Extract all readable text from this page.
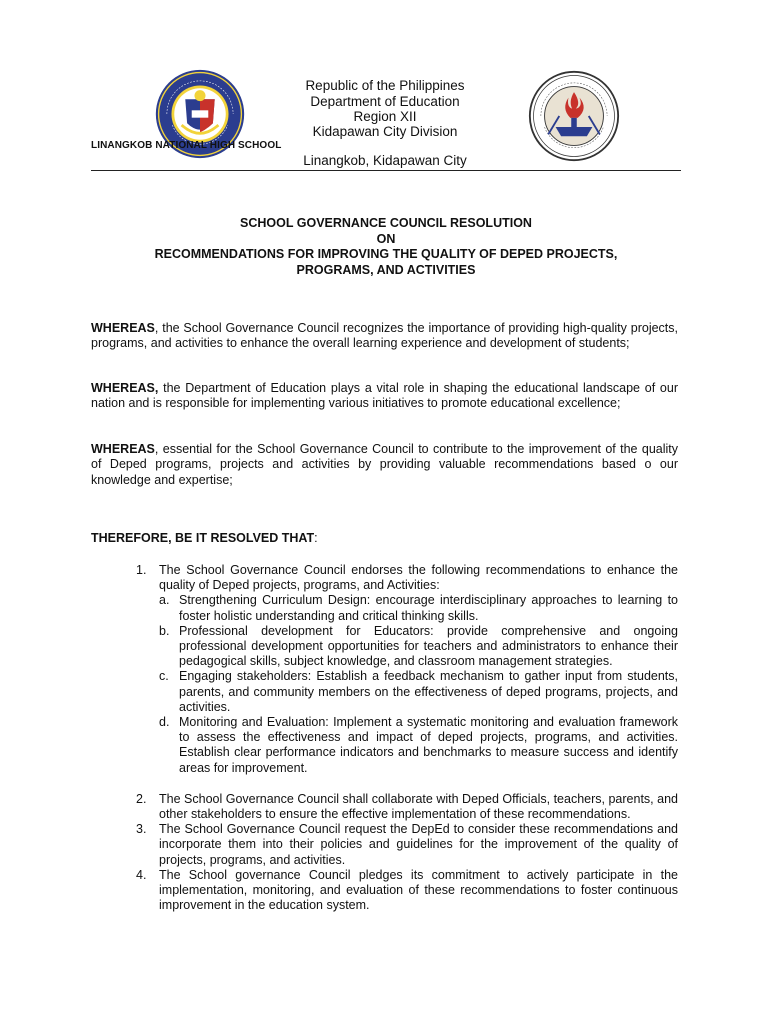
Republic of the Philippines
Department of Education
Region XII
Kidapawan City Division
LINANGKOB NATIONAL HIGH SCHOOL
Linangkob, Kidapawan City
SCHOOL GOVERNANCE COUNCIL RESOLUTION
ON
RECOMMENDATIONS FOR IMPROVING THE QUALITY OF DEPED PROJECTS,
PROGRAMS, AND ACTIVITIES
WHEREAS, the School Governance Council recognizes the importance of providing high-quality projects, programs, and activities to enhance the overall learning experience and development of students;
WHEREAS, the Department of Education plays a vital role in shaping the educational landscape of our nation and is responsible for implementing various initiatives to promote educational excellence;
WHEREAS, essential for the School Governance Council to contribute to the improvement of the quality of Deped programs, projects and activities by providing valuable recommendations based o our knowledge and expertise;
THEREFORE, BE IT RESOLVED THAT:
1. The School Governance Council endorses the following recommendations to enhance the quality of Deped projects, programs, and Activities:
a. Strengthening Curriculum Design: encourage interdisciplinary approaches to learning to foster holistic understanding and critical thinking skills.
b. Professional development for Educators: provide comprehensive and ongoing professional development opportunities for teachers and administrators to enhance their pedagogical skills, subject knowledge, and classroom management strategies.
c. Engaging stakeholders: Establish a feedback mechanism to gather input from students, parents, and community members on the effectiveness of deped programs, projects, and activities.
d. Monitoring and Evaluation: Implement a systematic monitoring and evaluation framework to assess the effectiveness and impact of deped projects, programs, and activities. Establish clear performance indicators and benchmarks to measure success and identify areas for improvement.
2. The School Governance Council shall collaborate with Deped Officials, teachers, parents, and other stakeholders to ensure the effective implementation of these recommendations.
3. The School Governance Council request the DepEd to consider these recommendations and incorporate them into their policies and guidelines for the improvement of the quality of projects, programs, and activities.
4. The School governance Council pledges its commitment to actively participate in the implementation, monitoring, and evaluation of these recommendations to foster continuous improvement in the education system.
